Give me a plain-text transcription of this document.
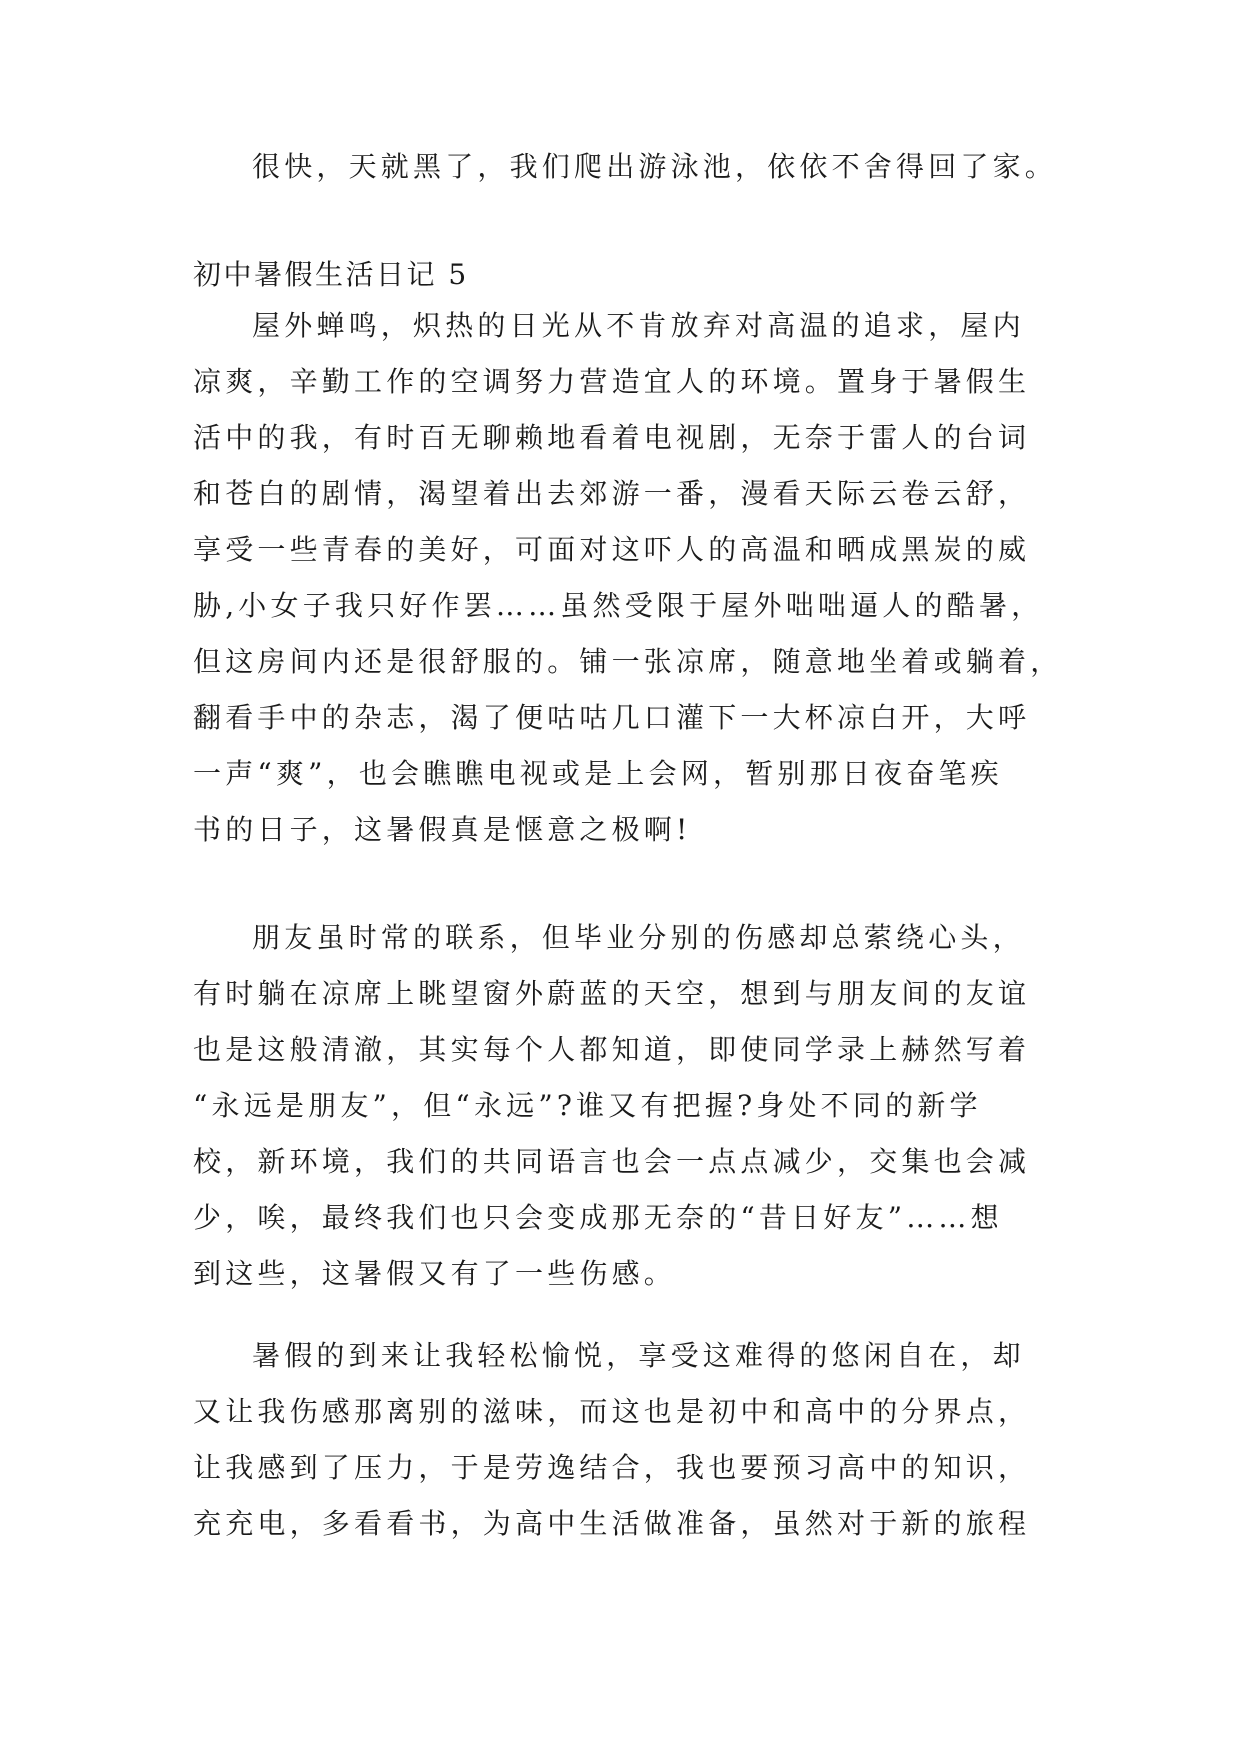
很快，天就黑了，我们爬出游泳池，依依不舍得回了家。
初中暑假生活日记 5
屋外蝉鸣，炽热的日光从不肯放弃对高温的追求，屋内
凉爽，辛勤工作的空调努力营造宜人的环境。置身于暑假生
活中的我，有时百无聊赖地看着电视剧，无奈于雷人的台词
和苍白的剧情，渴望着出去郊游一番，漫看天际云卷云舒，
享受一些青春的美好，可面对这吓人的高温和晒成黑炭的威
胁,小女子我只好作罢……虽然受限于屋外咄咄逼人的酷暑，
但这房间内还是很舒服的。铺一张凉席，随意地坐着或躺着，
翻看手中的杂志，渴了便咕咕几口灌下一大杯凉白开，大呼
一声“爽”，也会瞧瞧电视或是上会网，暂别那日夜奋笔疾
书的日子，这暑假真是惬意之极啊!
朋友虽时常的联系，但毕业分别的伤感却总萦绕心头，
有时躺在凉席上眺望窗外蔚蓝的天空，想到与朋友间的友谊
也是这般清澈，其实每个人都知道，即使同学录上赫然写着
“永远是朋友”，但“永远”?谁又有把握?身处不同的新学
校，新环境，我们的共同语言也会一点点减少，交集也会减
少，唉，最终我们也只会变成那无奈的“昔日好友”……想
到这些，这暑假又有了一些伤感。
暑假的到来让我轻松愉悦，享受这难得的悠闲自在，却
又让我伤感那离别的滋味，而这也是初中和高中的分界点，
让我感到了压力，于是劳逸结合，我也要预习高中的知识，
充充电，多看看书，为高中生活做准备，虽然对于新的旅程
